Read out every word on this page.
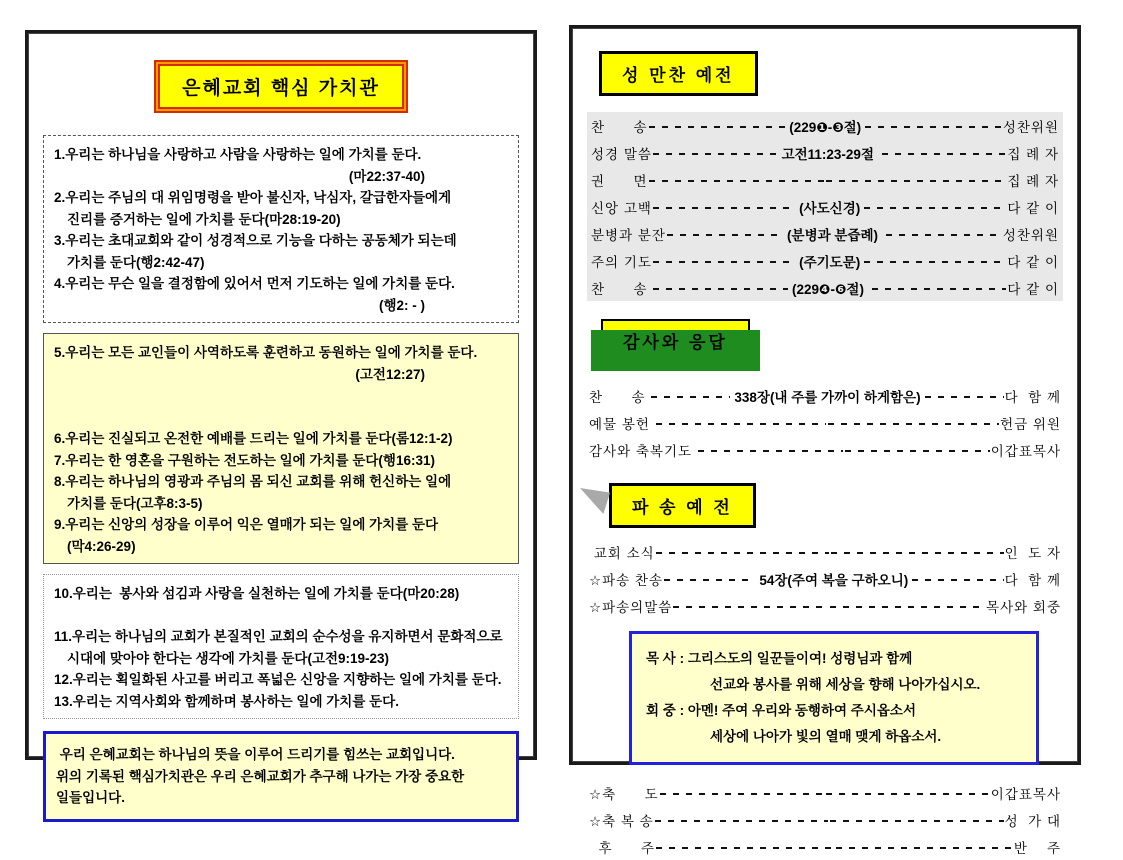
은혜교회 핵심 가치관
1.우리는 하나님을 사랑하고 사람을 사랑하는 일에 가치를 둔다.
(마22:37-40)
2.우리는 주님의 대 위임명령을 받아 불신자, 낙심자, 갈급한자들에게
진리를 증거하는 일에 가치를 둔다(마28:19-20)
3.우리는 초대교회와 같이 성경적으로 기능을 다하는 공동체가 되는데
가치를 둔다(행2:42-47)
4.우리는 무슨 일을 결정함에 있어서 먼저 기도하는 일에 가치를 둔다.
(행2: - )
5.우리는 모든 교인들이 사역하도록 훈련하고 동원하는 일에 가치를 둔다.
(고전12:27)
6.우리는 진실되고 온전한 예배를 드리는 일에 가치를 둔다(롬12:1-2)
7.우리는 한 영혼을 구원하는 전도하는 일에 가치를 둔다(행16:31)
8.우리는 하나님의 영광과 주님의 몸 되신 교회를 위해 헌신하는 일에
가치를 둔다(고후8:3-5)
9.우리는 신앙의 성장을 이루어 익은 열매가 되는 일에 가치를 둔다
(막4:26-29)
10.우리는  봉사와 섬김과 사랑을 실천하는 일에 가치를 둔다(마20:28)
11.우리는 하나님의 교회가 본질적인 교회의 순수성을 유지하면서 문화적으로
시대에 맞아야 한다는 생각에 가치를 둔다(고전9:19-23)
12.우리는 획일화된 사고를 버리고 폭넓은 신앙을 지향하는 일에 가치를 둔다.
13.우리는 지역사회와 함께하며 봉사하는 일에 가치를 둔다.
우리 은혜교회는 하나님의 뜻을 이루어 드리기를 힘쓰는 교회입니다.
위의 기록된 핵심가치관은 우리 은혜교회가 추구해 나가는 가장 중요한
일들입니다.
성 만찬 예전
찬      송	(229❶-❸절)	성찬위원
성경 말씀	고전11:23-29절	집 례 자
권      면	집 례 자
신앙 고백	(사도신경)	다 같 이
분병과 분잔	(분병과 분즙례)	성찬위원
주의 기도	(주기도문)	다 같 이
찬      송	(229❹-❻절)	다 같 이
감사와 응답
찬      송	338장(내 주를 가까이 하게함은)	다  함 께
예물 봉헌	헌금 위원
감사와 축복기도	이갑표목사
파 송 예 전
교회 소식	인  도 자
☆파송 찬송	54장(주여 복을 구하오니)	다  함 께
☆파송의말씀	목사와 회중
목 사 : 그리스도의 일꾼들이여! 성령님과 함께
선교와 봉사를 위해 세상을 향해 나아가십시오.
회 중 : 아멘! 주여 우리와 동행하여 주시옵소서
세상에 나아가 빛의 열매 맺게 하옵소서.
☆축      도	이갑표목사
☆축 복 송	성  가 대
후      주	반    주
